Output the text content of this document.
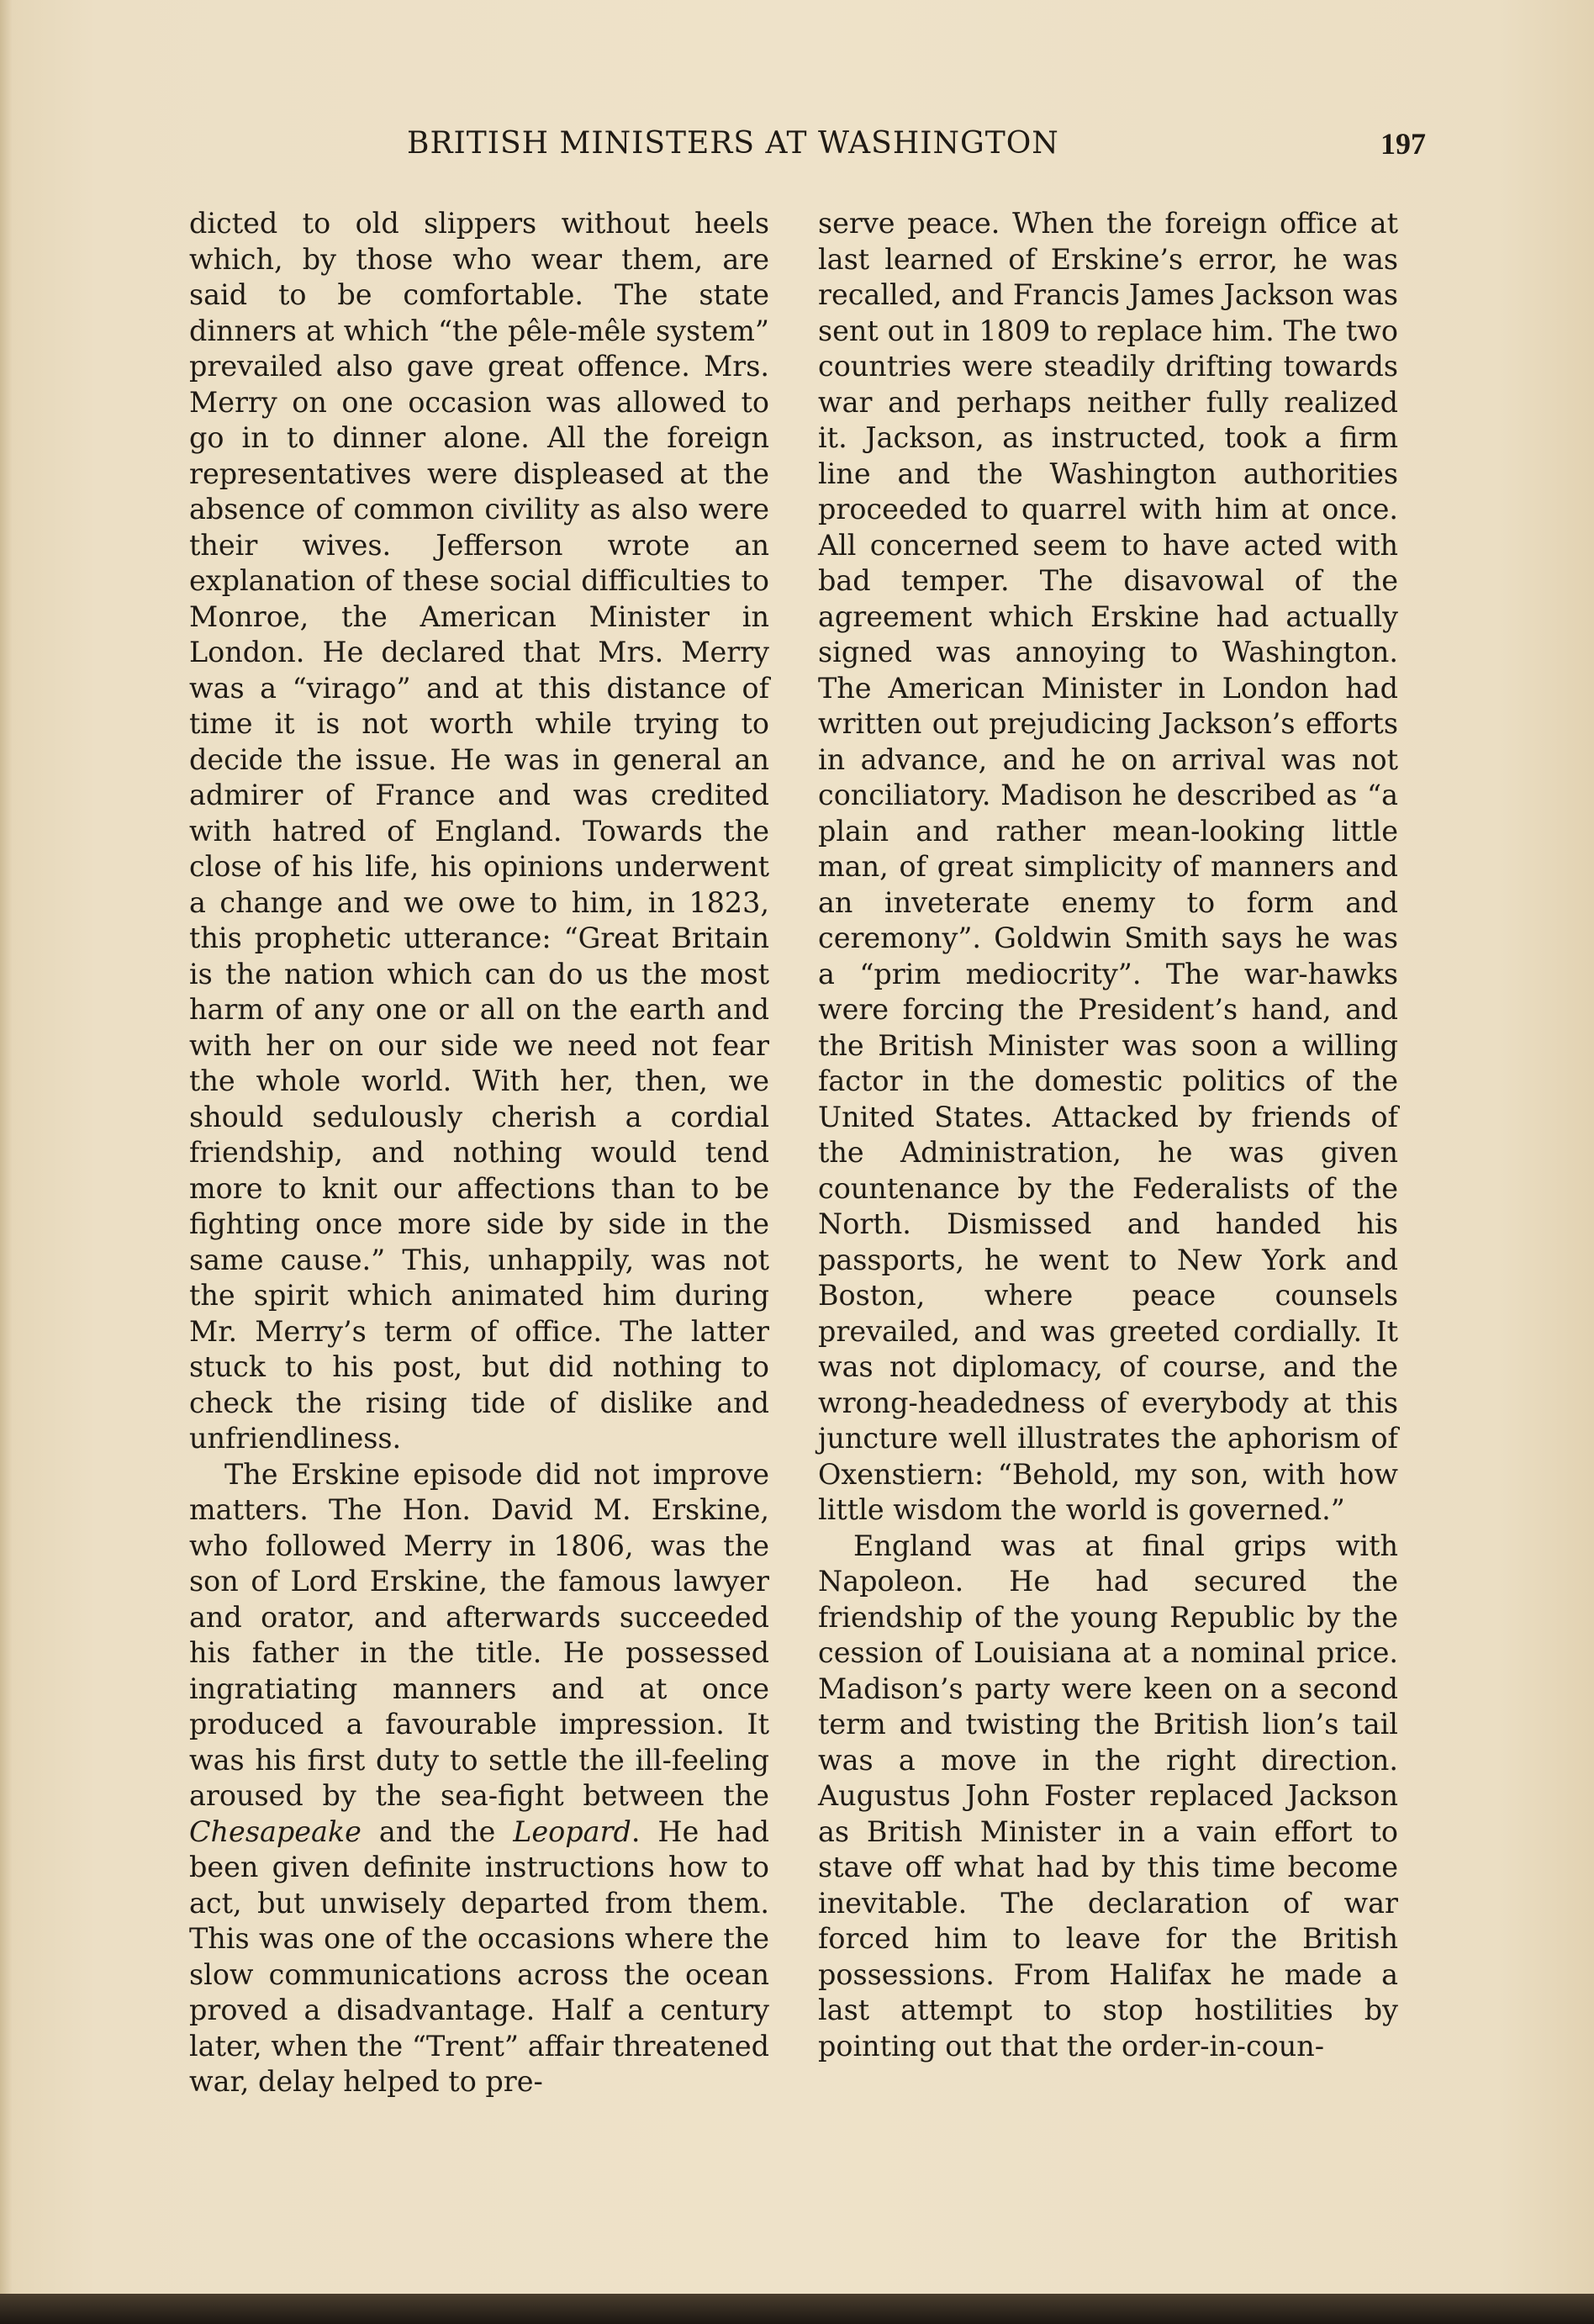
BRITISH MINISTERS AT WASHINGTON	197

dicted to old slippers without heels which, by those who wear them, are said to be comfortable. The state dinners at which “the pêle-mêle system” prevailed also gave great offence. Mrs. Merry on one occasion was allowed to go in to dinner alone. All the foreign representatives were displeased at the absence of common civility as also were their wives. Jefferson wrote an explanation of these social difficulties to Monroe, the American Minister in London. He declared that Mrs. Merry was a “virago” and at this distance of time it is not worth while trying to decide the issue. He was in general an admirer of France and was credited with hatred of England. Towards the close of his life, his opinions underwent a change and we owe to him, in 1823, this prophetic utterance: “Great Britain is the nation which can do us the most harm of any one or all on the earth and with her on our side we need not fear the whole world. With her, then, we should sedulously cherish a cordial friendship, and nothing would tend more to knit our affections than to be fighting once more side by side in the same cause.” This, unhappily, was not the spirit which animated him during Mr. Merry’s term of office. The latter stuck to his post, but did nothing to check the rising tide of dislike and unfriendliness.

The Erskine episode did not improve matters. The Hon. David M. Erskine, who followed Merry in 1806, was the son of Lord Erskine, the famous lawyer and orator, and afterwards succeeded his father in the title. He possessed ingratiating manners and at once produced a favourable impression. It was his first duty to settle the ill-feeling aroused by the sea-fight between the Chesapeake and the Leopard. He had been given definite instructions how to act, but unwisely departed from them. This was one of the occasions where the slow communications across the ocean proved a disadvantage. Half a century later, when the “Trent” affair threatened war, delay helped to pre-

serve peace. When the foreign office at last learned of Erskine’s error, he was recalled, and Francis James Jackson was sent out in 1809 to replace him. The two countries were steadily drifting towards war and perhaps neither fully realized it. Jackson, as instructed, took a firm line and the Washington authorities proceeded to quarrel with him at once. All concerned seem to have acted with bad temper. The disavowal of the agreement which Erskine had actually signed was annoying to Washington. The American Minister in London had written out prejudicing Jackson’s efforts in advance, and he on arrival was not conciliatory. Madison he described as “a plain and rather mean-looking little man, of great simplicity of manners and an inveterate enemy to form and ceremony”. Goldwin Smith says he was a “prim mediocrity”. The war-hawks were forcing the President’s hand, and the British Minister was soon a willing factor in the domestic politics of the United States. Attacked by friends of the Administration, he was given countenance by the Federalists of the North. Dismissed and handed his passports, he went to New York and Boston, where peace counsels prevailed, and was greeted cordially. It was not diplomacy, of course, and the wrong-headedness of everybody at this juncture well illustrates the aphorism of Oxenstiern: “Behold, my son, with how little wisdom the world is governed.”

England was at final grips with Napoleon. He had secured the friendship of the young Republic by the cession of Louisiana at a nominal price. Madison’s party were keen on a second term and twisting the British lion’s tail was a move in the right direction. Augustus John Foster replaced Jackson as British Minister in a vain effort to stave off what had by this time become inevitable. The declaration of war forced him to leave for the British possessions. From Halifax he made a last attempt to stop hostilities by pointing out that the order-in-coun-
